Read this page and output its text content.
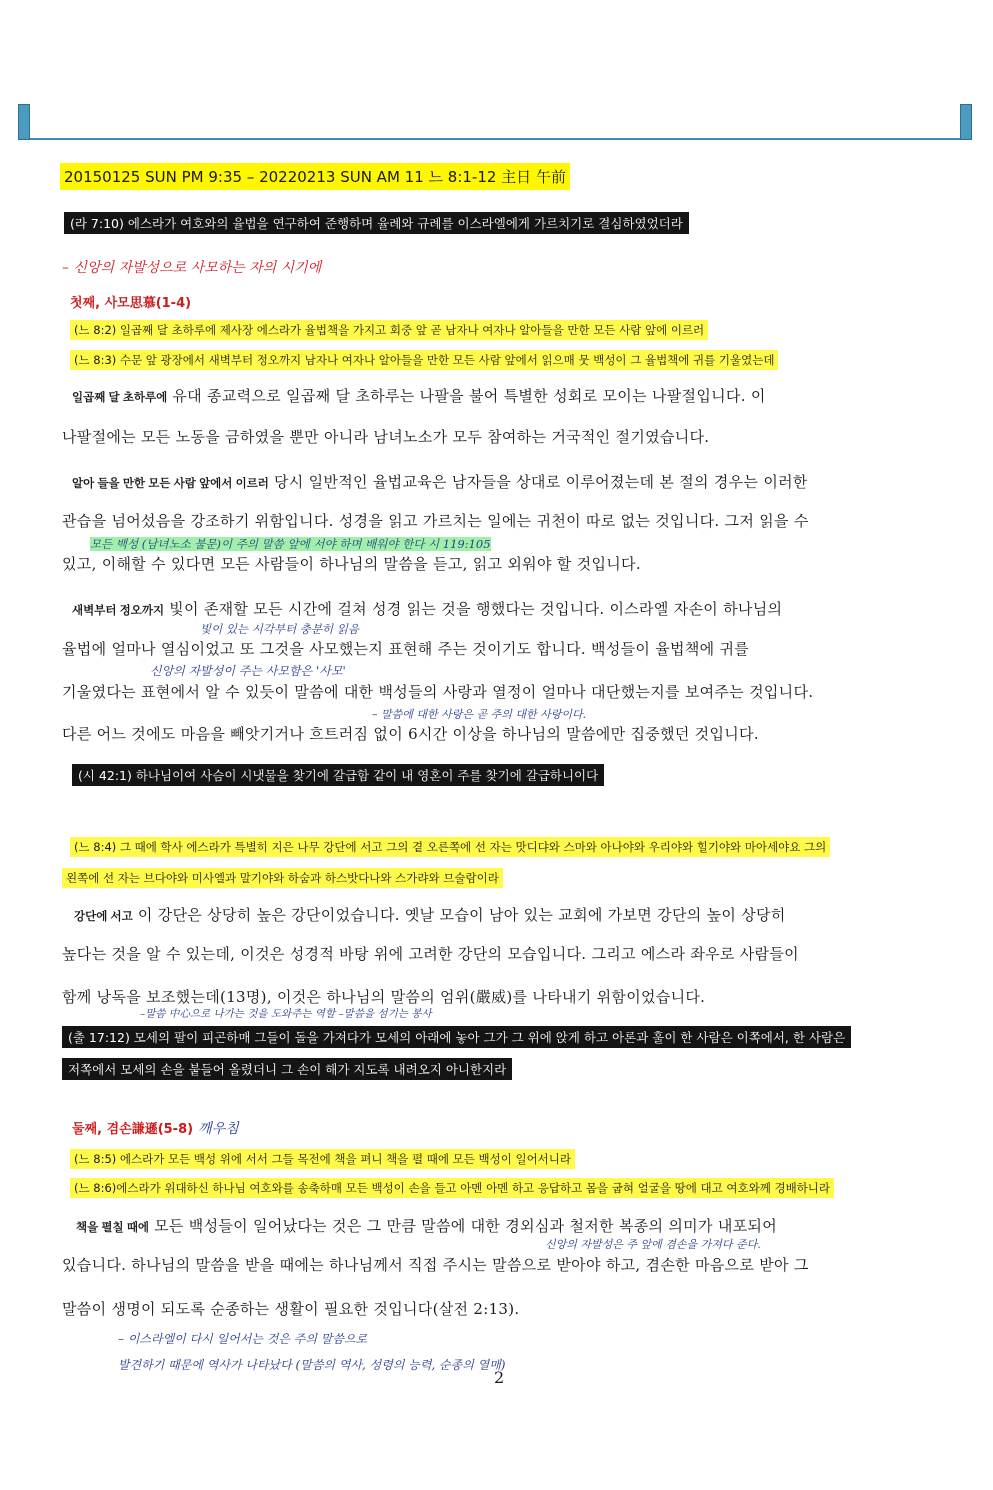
20150125 SUN PM 9:35 – 20220213 SUN AM 11 느 8:1-12 主日 午前
(라 7:10) 에스라가 여호와의 율법을 연구하여 준행하며 율례와 규례를 이스라엘에게 가르치기로 결심하였었더라
– 신앙의 자발성으로 사모하는 자의 시기에
첫째, 사모思慕(1-4)
(느 8:2) 일곱째 달 초하루에 제사장 에스라가 율법책을 가지고 회중 앞 곧 남자나 여자나 알아들을 만한 모든 사람 앞에 이르러
(느 8:3) 수문 앞 광장에서 새벽부터 정오까지 남자나 여자나 알아들을 만한 모든 사람 앞에서 읽으매 뭇 백성이 그 율법책에 귀를 기울였는데
일곱째 달 초하루에 유대 종교력으로 일곱째 달 초하루는 나팔을 불어 특별한 성회로 모이는 나팔절입니다. 이
나팔절에는 모든 노동을 금하였을 뿐만 아니라 남녀노소가 모두 참여하는 거국적인 절기였습니다.
알아 들을 만한 모든 사람 앞에서 이르러 당시 일반적인 율법교육은 남자들을 상대로 이루어졌는데 본 절의 경우는 이러한
관습을 넘어섰음을 강조하기 위함입니다. 성경을 읽고 가르치는 일에는 귀천이 따로 없는 것입니다. 그저 읽을 수
모든 백성 (남녀노소 불문)이 주의 말씀 앞에 서야 하며 배워야 한다 시 119:105
있고, 이해할 수 있다면 모든 사람들이 하나님의 말씀을 듣고, 읽고 외워야 할 것입니다.
새벽부터 정오까지 빛이 존재할 모든 시간에 걸쳐 성경 읽는 것을 행했다는 것입니다. 이스라엘 자손이 하나님의
빛이 있는 시각부터 충분히 읽음
율법에 얼마나 열심이었고 또 그것을 사모했는지 표현해 주는 것이기도 합니다. 백성들이 율법책에 귀를
신앙의 자발성이 주는 사모함은 '사모'
기울였다는 표현에서 알 수 있듯이 말씀에 대한 백성들의 사랑과 열정이 얼마나 대단했는지를 보여주는 것입니다.
– 말씀에 대한 사랑은 곧 주의 대한 사랑이다.
다른 어느 것에도 마음을 빼앗기거나 흐트러짐 없이 6시간 이상을 하나님의 말씀에만 집중했던 것입니다.
(시 42:1) 하나님이여 사슴이 시냇물을 찾기에 갈급함 같이 내 영혼이 주를 찾기에 갈급하니이다
(느 8:4) 그 때에 학사 에스라가 특별히 지은 나무 강단에 서고 그의 곁 오른쪽에 선 자는 맛디댜와 스마와 아나야와 우리야와 힐기야와 마아세야요 그의
왼쪽에 선 자는 브다야와 미사엘과 말기야와 하숨과 하스밧다나와 스가랴와 므술람이라
강단에 서고 이 강단은 상당히 높은 강단이었습니다. 옛날 모습이 남아 있는 교회에 가보면 강단의 높이 상당히
높다는 것을 알 수 있는데, 이것은 성경적 바탕 위에 고려한 강단의 모습입니다. 그리고 에스라 좌우로 사람들이
함께 낭독을 보조했는데(13명), 이것은 하나님의 말씀의 엄위(嚴威)를 나타내기 위함이었습니다.
–말씀 中心으로 나가는 것을 도와주는 역할 –말씀을 섬기는 봉사
(출 17:12) 모세의 팔이 피곤하매 그들이 돌을 가져다가 모세의 아래에 놓아 그가 그 위에 앉게 하고 아론과 훌이 한 사람은 이쪽에서, 한 사람은
저쪽에서 모세의 손을 붙들어 올렸더니 그 손이 해가 지도록 내려오지 아니한지라
둘째, 겸손謙遜(5-8) 깨우침
(느 8:5) 에스라가 모든 백성 위에 서서 그들 목전에 책을 펴니 책을 펼 때에 모든 백성이 일어서니라
(느 8:6)에스라가 위대하신 하나님 여호와를 송축하매 모든 백성이 손을 들고 아멘 아멘 하고 응답하고 몸을 굽혀 얼굴을 땅에 대고 여호와께 경배하니라
책을 펼칠 때에 모든 백성들이 일어났다는 것은 그 만큼 말씀에 대한 경외심과 철저한 복종의 의미가 내포되어
신앙의 자발성은 주 앞에 겸손을 가져다 준다.
있습니다. 하나님의 말씀을 받을 때에는 하나님께서 직접 주시는 말씀으로 받아야 하고, 겸손한 마음으로 받아 그
말씀이 생명이 되도록 순종하는 생활이 필요한 것입니다(살전 2:13).
– 이스라엘이 다시 일어서는 것은 주의 말씀으로
발견하기 때문에 역사가 나타났다 (말씀의 역사, 성령의 능력, 순종의 열매)
2
